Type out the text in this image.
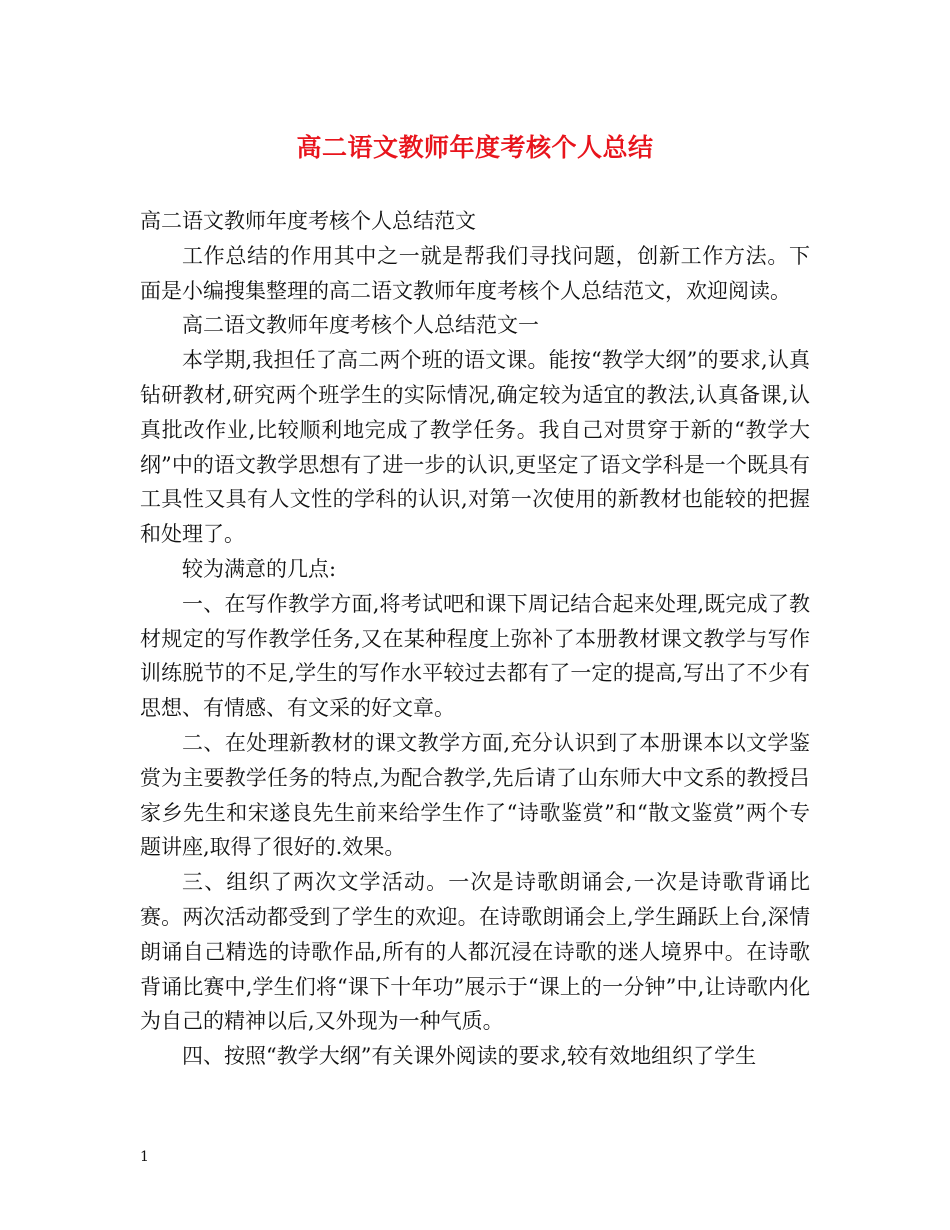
高二语文教师年度考核个人总结

高二语文教师年度考核个人总结范文

工作总结的作用其中之一就是帮我们寻找问题，创新工作方法。下面是小编搜集整理的高二语文教师年度考核个人总结范文，欢迎阅读。

高二语文教师年度考核个人总结范文一

本学期,我担任了高二两个班的语文课。能按“教学大纲”的要求,认真钻研教材,研究两个班学生的实际情况,确定较为适宜的教法,认真备课,认真批改作业,比较顺利地完成了教学任务。我自己对贯穿于新的“教学大纲”中的语文教学思想有了进一步的认识,更坚定了语文学科是一个既具有工具性又具有人文性的学科的认识,对第一次使用的新教材也能较的把握和处理了。

较为满意的几点:

一、在写作教学方面,将考试吧和课下周记结合起来处理,既完成了教材规定的写作教学任务,又在某种程度上弥补了本册教材课文教学与写作训练脱节的不足,学生的写作水平较过去都有了一定的提高,写出了不少有思想、有情感、有文采的好文章。

二、在处理新教材的课文教学方面,充分认识到了本册课本以文学鉴赏为主要教学任务的特点,为配合教学,先后请了山东师大中文系的教授吕家乡先生和宋遂良先生前来给学生作了“诗歌鉴赏”和“散文鉴赏”两个专题讲座,取得了很好的.效果。

三、组织了两次文学活动。一次是诗歌朗诵会,一次是诗歌背诵比赛。两次活动都受到了学生的欢迎。在诗歌朗诵会上,学生踊跃上台,深情朗诵自己精选的诗歌作品,所有的人都沉浸在诗歌的迷人境界中。在诗歌背诵比赛中,学生们将“课下十年功”展示于“课上的一分钟”中,让诗歌内化为自己的精神以后,又外现为一种气质。

四、按照“教学大纲”有关课外阅读的要求,较有效地组织了学生

1
